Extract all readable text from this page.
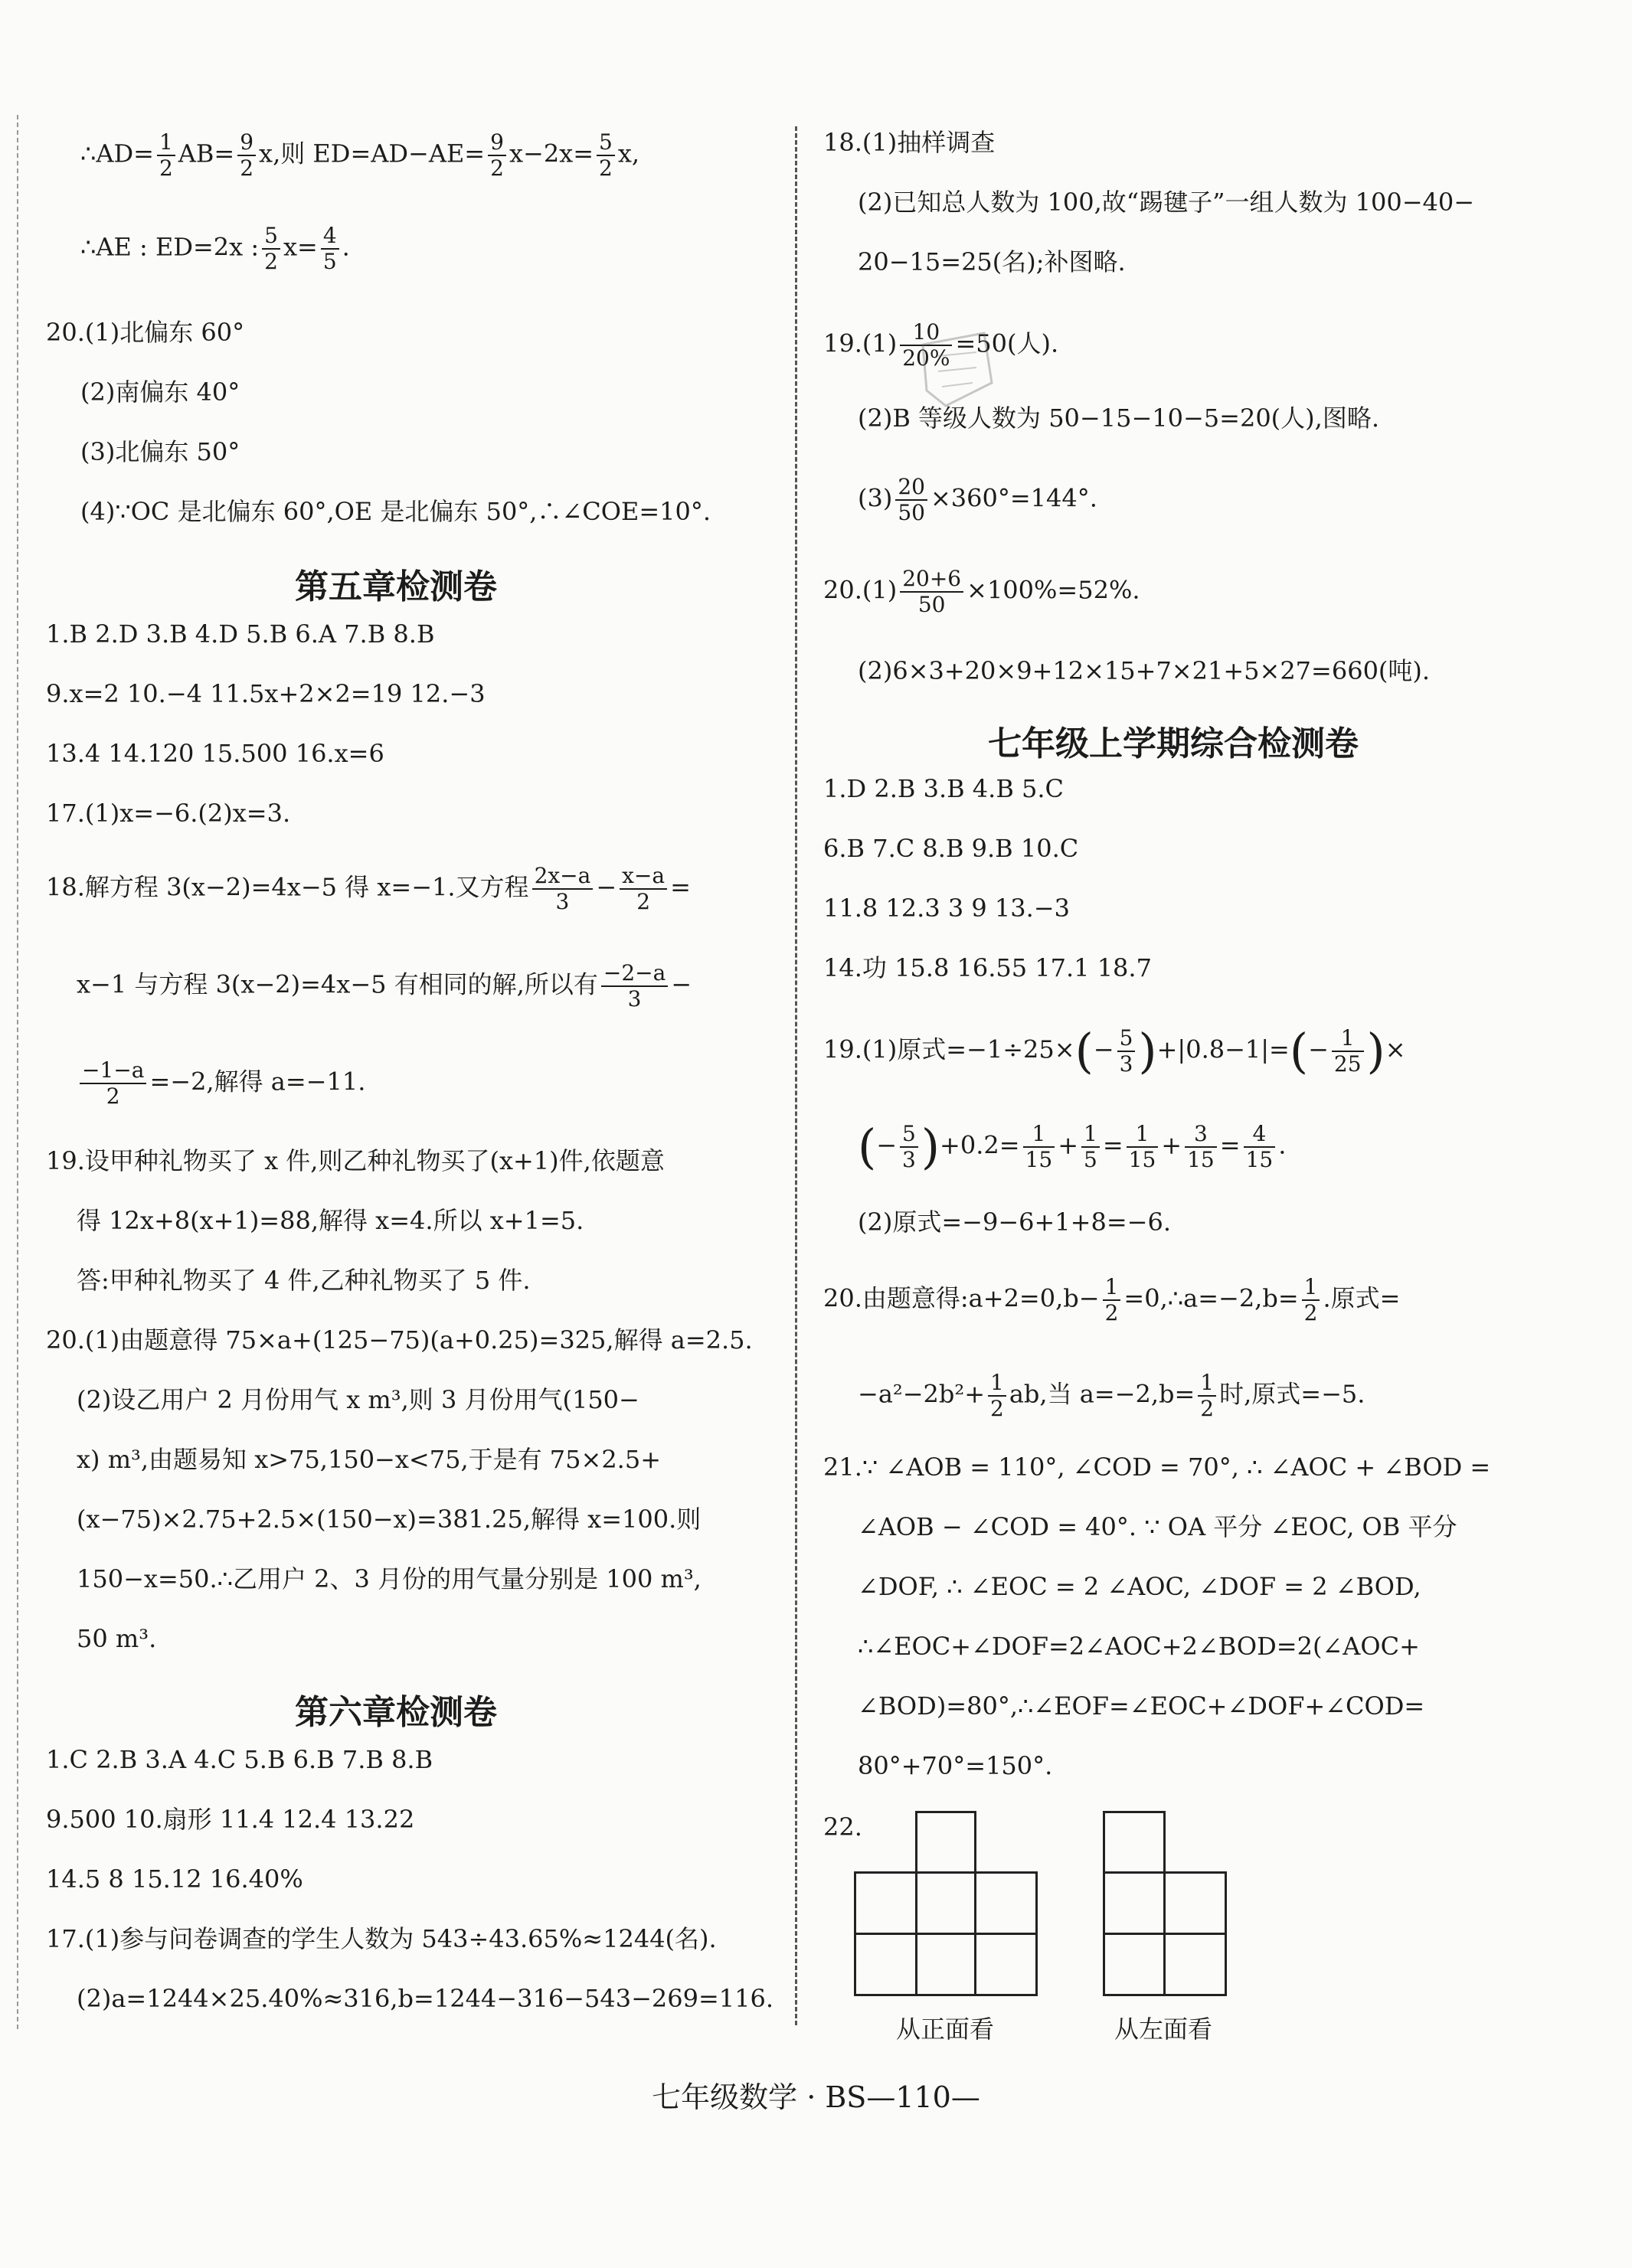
∴AD= $\frac{1}{2} AB= \frac{9}{2} x$,则 $ED=AD-AE= \frac{9}{2} x-2x= \frac{5}{2} x$,
∴AE : ED=2x : $\frac{5}{2} x= \frac{4}{5}$ .
20.(1)北偏东 60°
(2)南偏东 40°
(3)北偏东 50°
(4)∵OC 是北偏东 60°,OE 是北偏东 50°,∴∠COE=10°.
第五章检测卷
1.B 2.D 3.B 4.D 5.B 6.A 7.B 8.B
9.x=2 10.−4 11.5x+2×2=19 12.−3
13.4 14.120 15.500 16.x=6
17.(1)x=−6.(2)x=3.
18.解方程 3(x−2)=4x−5 得 x=−1.又方程 $\frac{2x-a}{3} - \frac{x-a}{2}$ =
x−1 与方程 3(x−2)=4x−5 有相同的解,所以有 $\frac{-2-a}{3}$ −
$\frac{-1-a}{2} =-2$,解得 a=−11.
19.设甲种礼物买了 x 件,则乙种礼物买了(x+1)件,依题意
得 12x+8(x+1)=88,解得 x=4.所以 x+1=5.
答:甲种礼物买了 4 件,乙种礼物买了 5 件.
20.(1)由题意得 75×a+(125−75)(a+0.25)=325,解得 a=2.5.
(2)设乙用户 2 月份用气 x m³,则 3 月份用气(150−
x) m³,由题易知 x>75,150−x<75,于是有 75×2.5+
(x−75)×2.75+2.5×(150−x)=381.25,解得 x=100.则
150−x=50.∴乙用户 2、3 月份的用气量分别是 100 m³,
50 m³.
第六章检测卷
1.C 2.B 3.A 4.C 5.B 6.B 7.B 8.B
9.500 10.扇形 11.4 12.4 13.22
14.5 8 15.12 16.40%
17.(1)参与问卷调查的学生人数为 543÷43.65%≈1244(名).
(2)a=1244×25.40%≈316,b=1244−316−543−269=116.
18.(1)抽样调查
(2)已知总人数为 100,故“踢毽子”一组人数为 100−40−
20−15=25(名);补图略.
$19.(1) \frac{10}{20\%} =50$(人).
(2)B 等级人数为 50−15−10−5=20(人),图略.
$(3) \frac{20}{50} \times 360^\circ=144^\circ$.
$20.(1) \frac{20+6}{50} \times 100\%=52\%$.
(2)6×3+20×9+12×15+7×21+5×27=660(吨).
七年级上学期综合检测卷
1.D 2.B 3.B 4.B 5.C
6.B 7.C 8.B 9.B 10.C
11.8 12.3 3 9 13.−3
14.功 15.8 16.55 17.1 18.7
19.(1)原式$=-1\div 25\times(- \frac{5}{3} )+|0.8-1|=(- \frac{1}{25}$ )×
(− $\frac{5}{3} )+0.2= \frac{1}{15} + \frac{1}{5} = \frac{1}{15} + \frac{3}{15} = \frac{4}{15}$ .
(2)原式=−9−6+1+8=−6.
20.由题意得:a+2=0,b− $\frac{1}{2}$ =0,∴a=−2,b= $\frac{1}{2}$ .原式=
$-a^2-2b^2+ \frac{1}{2}$ ab,当 $a=-2,b= \frac{1}{2}$ 时,原式=−5.
21.∵ ∠AOB = 110°, ∠COD = 70°, ∴ ∠AOC + ∠BOD =
∠AOB − ∠COD = 40°. ∵ OA 平分 ∠EOC, OB 平分
∠DOF, ∴ ∠EOC = 2 ∠AOC, ∠DOF = 2 ∠BOD,
∴∠EOC+∠DOF=2∠AOC+2∠BOD=2(∠AOC+
∠BOD)=80°,∴∠EOF=∠EOC+∠DOF+∠COD=
80°+70°=150°.
22.
从正面看	从左面看
七年级数学 · BS—110—
